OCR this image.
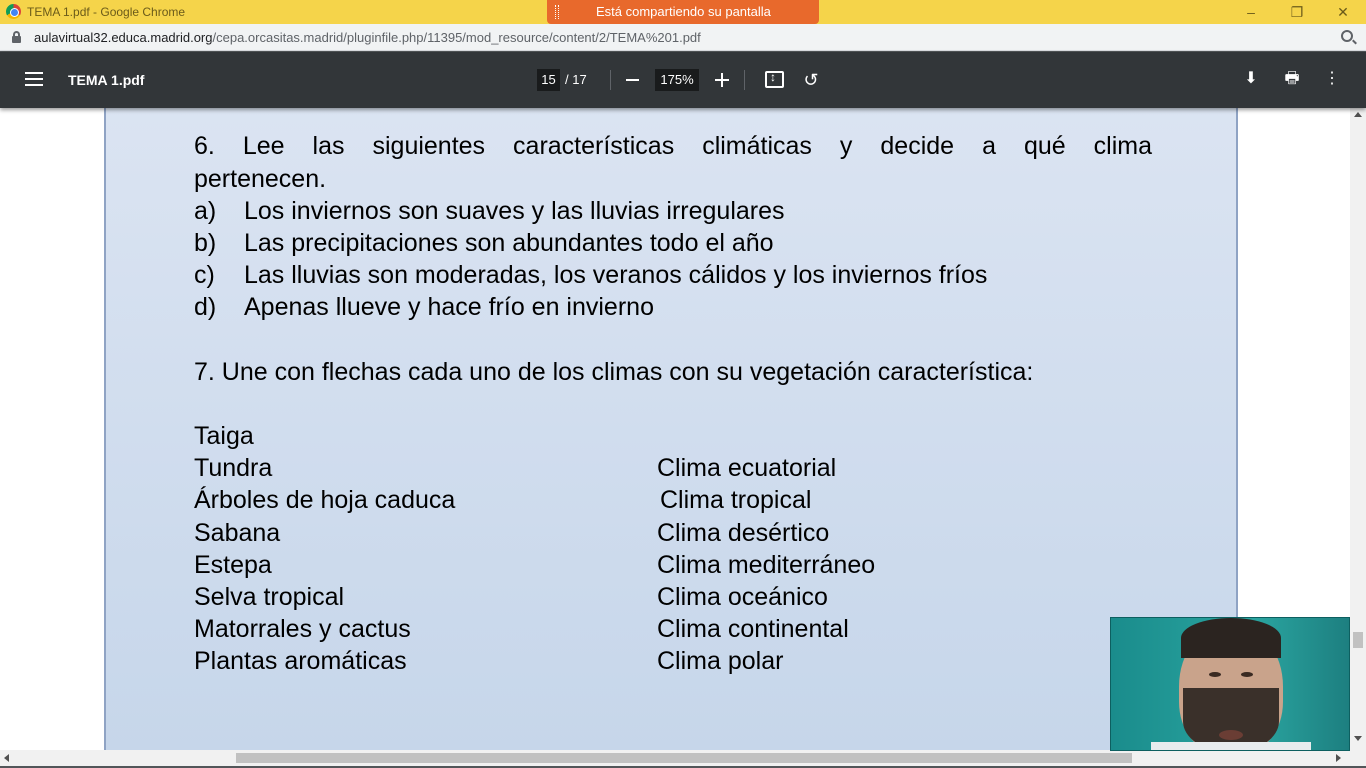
TEMA 1.pdf - Google Chrome	Está compartiendo su pantalla	–	❐	✕
aulavirtual32.educa.madrid.org/cepa.orcasitas.madrid/pluginfile.php/11395/mod_resource/content/2/TEMA%201.pdf
TEMA 1.pdf	15 / 17	175%
↕	↺	⬇ 🖶 ⋮
6. Lee las siguientes características climáticas y decide a qué clima
pertenecen.
a) Los inviernos son suaves y las lluvias irregulares
b) Las precipitaciones son abundantes todo el año
c) Las lluvias son moderadas, los veranos cálidos y los inviernos fríos
d) Apenas llueve y hace frío en invierno
7. Une con flechas cada uno de los climas con su vegetación característica:
Taiga
Tundra
Árboles de hoja caduca
Sabana
Estepa
Selva tropical
Matorrales y cactus
Plantas aromáticas
Clima ecuatorial
Clima tropical
Clima desértico
Clima mediterráneo
Clima oceánico
Clima continental
Clima polar
